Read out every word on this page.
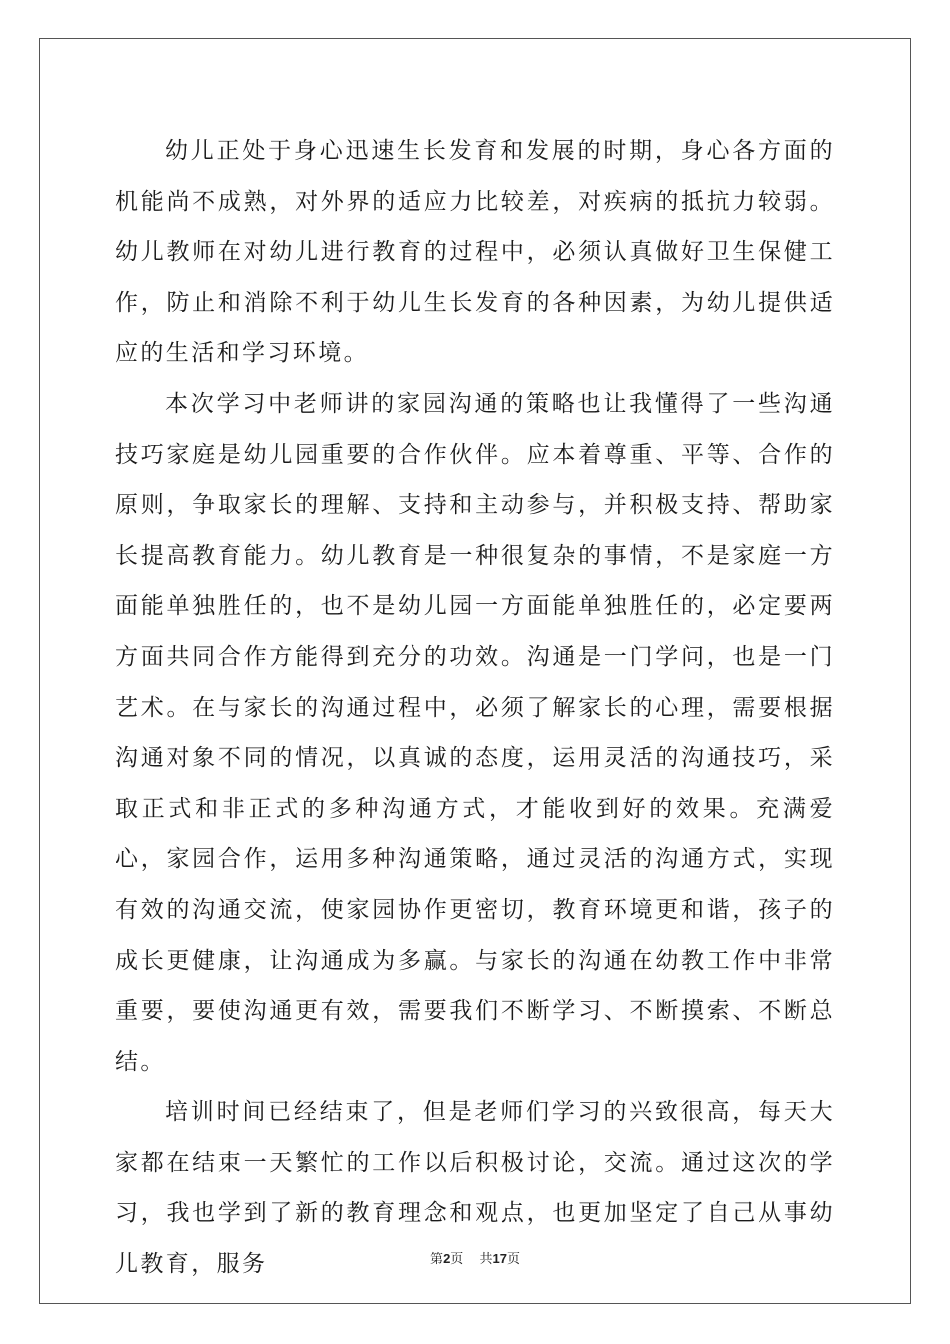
幼儿正处于身心迅速生长发育和发展的时期，身心各方面的机能尚不成熟，对外界的适应力比较差，对疾病的抵抗力较弱。幼儿教师在对幼儿进行教育的过程中，必须认真做好卫生保健工作，防止和消除不利于幼儿生长发育的各种因素，为幼儿提供适应的生活和学习环境。

本次学习中老师讲的家园沟通的策略也让我懂得了一些沟通技巧家庭是幼儿园重要的合作伙伴。应本着尊重、平等、合作的原则，争取家长的理解、支持和主动参与，并积极支持、帮助家长提高教育能力。幼儿教育是一种很复杂的事情，不是家庭一方面能单独胜任的，也不是幼儿园一方面能单独胜任的，必定要两方面共同合作方能得到充分的功效。沟通是一门学问，也是一门艺术。在与家长的沟通过程中，必须了解家长的心理，需要根据沟通对象不同的情况，以真诚的态度，运用灵活的沟通技巧，采取正式和非正式的多种沟通方式，才能收到好的效果。充满爱心，家园合作，运用多种沟通策略，通过灵活的沟通方式，实现有效的沟通交流，使家园协作更密切，教育环境更和谐，孩子的成长更健康，让沟通成为多赢。与家长的沟通在幼教工作中非常重要，要使沟通更有效，需要我们不断学习、不断摸索、不断总结。

培训时间已经结束了，但是老师们学习的兴致很高，每天大家都在结束一天繁忙的工作以后积极讨论，交流。通过这次的学习，我也学到了新的教育理念和观点，也更加坚定了自己从事幼儿教育，服务	第2页 共17页
